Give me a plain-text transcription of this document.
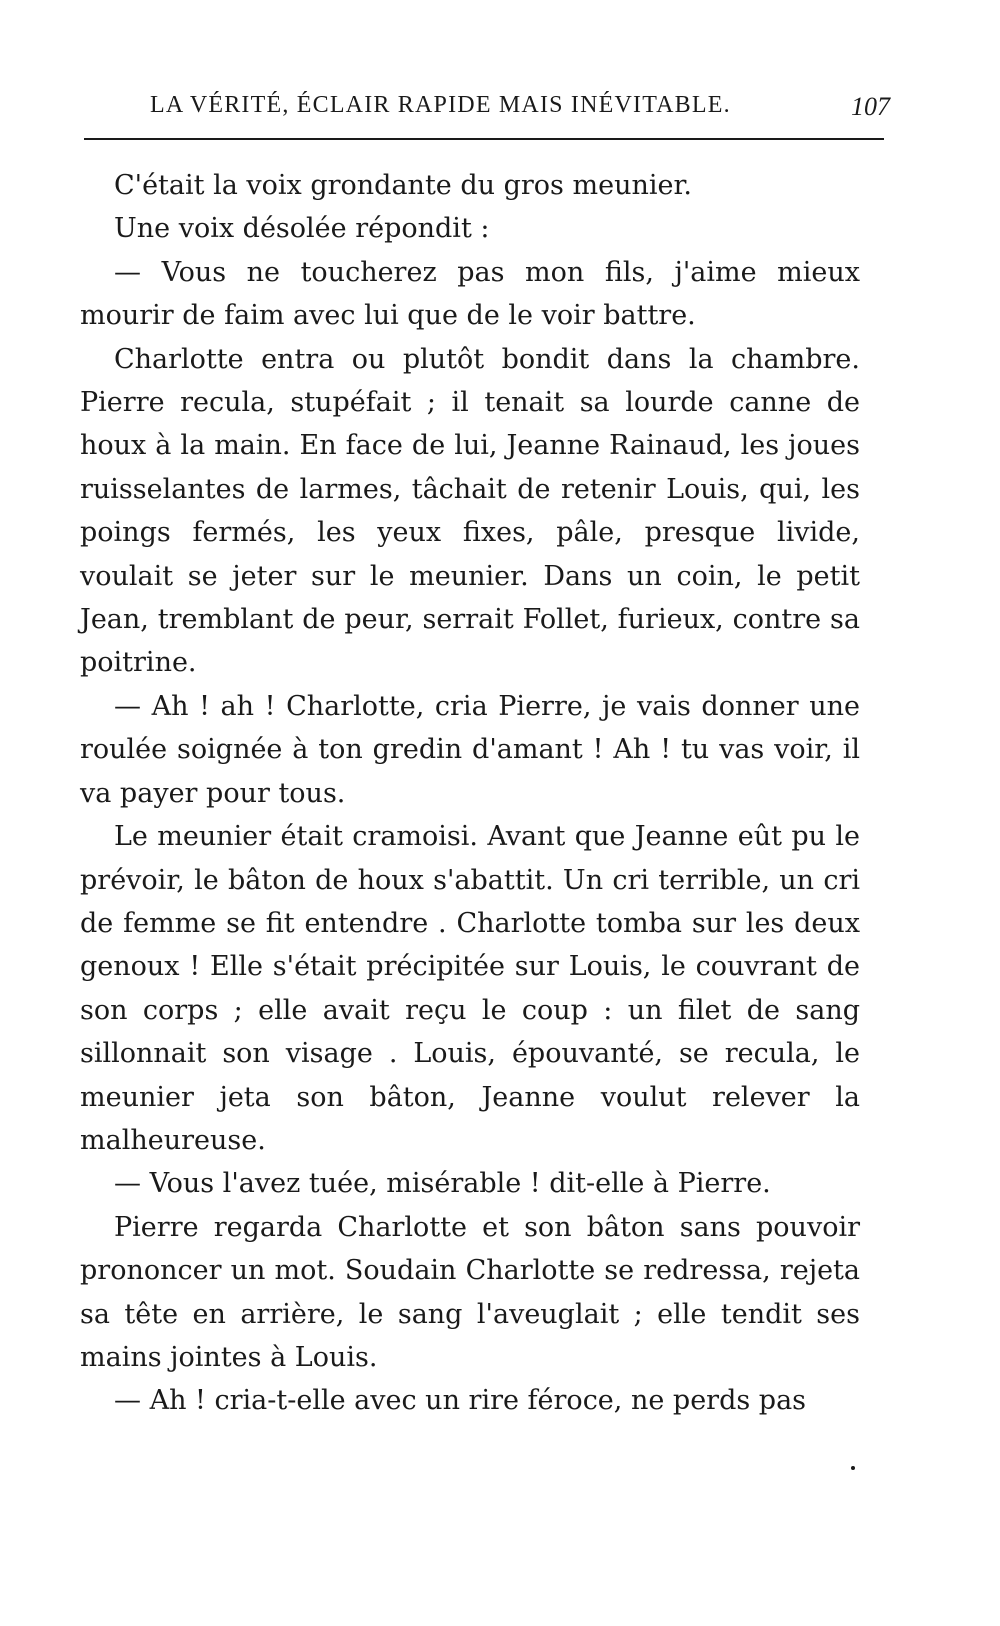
LA VÉRITÉ, ÉCLAIR RAPIDE MAIS INÉVITABLE.	107

C'était la voix grondante du gros meunier.

Une voix désolée répondit :

— Vous ne toucherez pas mon fils, j'aime mieux mourir de faim avec lui que de le voir battre.

Charlotte entra ou plutôt bondit dans la chambre. Pierre recula, stupéfait ; il tenait sa lourde canne de houx à la main. En face de lui, Jeanne Rainaud, les joues ruisselantes de larmes, tâchait de retenir Louis, qui, les poings fermés, les yeux fixes, pâle, presque livide, voulait se jeter sur le meunier. Dans un coin, le petit Jean, tremblant de peur, serrait Follet, furieux, contre sa poitrine.

— Ah ! ah ! Charlotte, cria Pierre, je vais donner une roulée soignée à ton gredin d'amant ! Ah ! tu vas voir, il va payer pour tous.

Le meunier était cramoisi. Avant que Jeanne eût pu le prévoir, le bâton de houx s'abattit. Un cri terrible, un cri de femme se fit entendre . Charlotte tomba sur les deux genoux ! Elle s'était précipitée sur Louis, le couvrant de son corps ; elle avait reçu le coup : un filet de sang sillonnait son visage . Louis, épouvanté, se recula, le meunier jeta son bâton, Jeanne voulut relever la malheureuse.

— Vous l'avez tuée, misérable ! dit-elle à Pierre.

Pierre regarda Charlotte et son bâton sans pouvoir prononcer un mot. Soudain Charlotte se redressa, rejeta sa tête en arrière, le sang l'aveuglait ; elle tendit ses mains jointes à Louis.

— Ah ! cria-t-elle avec un rire féroce, ne perds pas
